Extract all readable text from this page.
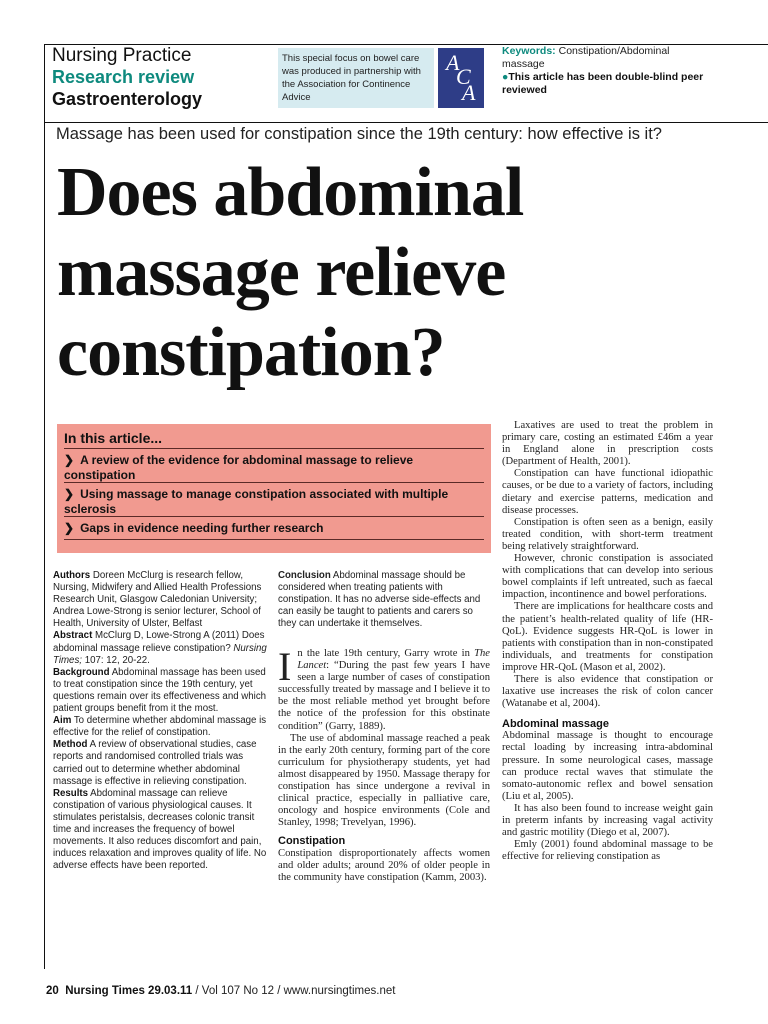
Nursing Practice
Research review
Gastroenterology
This special focus on bowel care was produced in partnership with the Association for Continence Advice
A
C
A
Keywords: Constipation/Abdominal massage
●This article has been double-blind peer reviewed
Massage has been used for constipation since the 19th century: how effective is it?
Does abdominal
massage relieve
constipation?
In this article...
❯ A review of the evidence for abdominal massage to relieve constipation
❯ Using massage to manage constipation associated with multiple sclerosis
❯ Gaps in evidence needing further research

Authors Doreen McClurg is research fellow, Nursing, Midwifery and Allied Health Professions Research Unit, Glasgow Caledonian University; Andrea Lowe-Strong is senior lecturer, School of Health, University of Ulster, Belfast

Abstract McClurg D, Lowe-Strong A (2011) Does abdominal massage relieve constipation? Nursing Times; 107: 12, 20-22.

Background Abdominal massage has been used to treat constipation since the 19th century, yet questions remain over its effectiveness and which patient groups benefit from it the most.

Aim To determine whether abdominal massage is effective for the relief of constipation.

Method A review of observational studies, case reports and randomised controlled trials was carried out to determine whether abdominal massage is effective in relieving constipation.

Results Abdominal massage can relieve constipation of various physiological causes. It stimulates peristalsis, decreases colonic transit time and increases the frequency of bowel movements. It also reduces discomfort and pain, induces relaxation and improves quality of life. No adverse effects have been reported.

Conclusion Abdominal massage should be considered when treating patients with constipation. It has no adverse side-effects and can easily be taught to patients and carers so they can undertake it themselves.

In the late 19th century, Garry wrote in The Lancet: “During the past few years I have seen a large number of cases of constipation successfully treated by massage and I believe it to be the most reliable method yet brought before the notice of the profession for this obstinate condition” (Garry, 1889).

The use of abdominal massage reached a peak in the early 20th century, forming part of the core curriculum for physiotherapy students, yet had almost disappeared by 1950. Massage therapy for constipation has since undergone a revival in clinical practice, especially in palliative care, oncology and hospice environments (Cole and Stanley, 1998; Trevelyan, 1996).

Constipation

Constipation disproportionately affects women and older adults; around 20% of older people in the community have constipation (Kamm, 2003).

Laxatives are used to treat the problem in primary care, costing an estimated £46m a year in England alone in prescription costs (Department of Health, 2001).

Constipation can have functional idiopathic causes, or be due to a variety of factors, including dietary and exercise patterns, medication and disease processes.

Constipation is often seen as a benign, easily treated condition, with short-term treatment being relatively straightforward.

However, chronic constipation is associated with complications that can develop into serious bowel complaints if left untreated, such as faecal impaction, incontinence and bowel perforations.

There are implications for healthcare costs and the patient’s health-related quality of life (HR-QoL). Evidence suggests HR-QoL is lower in patients with constipation than in non-constipated individuals, and treatments for constipation improve HR-QoL (Mason et al, 2002).

There is also evidence that constipation or laxative use increases the risk of colon cancer (Watanabe et al, 2004).

Abdominal massage

Abdominal massage is thought to encourage rectal loading by increasing intra-abdominal pressure. In some neurological cases, massage can produce rectal waves that stimulate the somato-autonomic reflex and bowel sensation (Liu et al, 2005).

It has also been found to increase weight gain in preterm infants by increasing vagal activity and gastric motility (Diego et al, 2007).

Emly (2001) found abdominal massage to be effective for relieving constipation as

20 Nursing Times 29.03.11 / Vol 107 No 12 / www.nursingtimes.net
